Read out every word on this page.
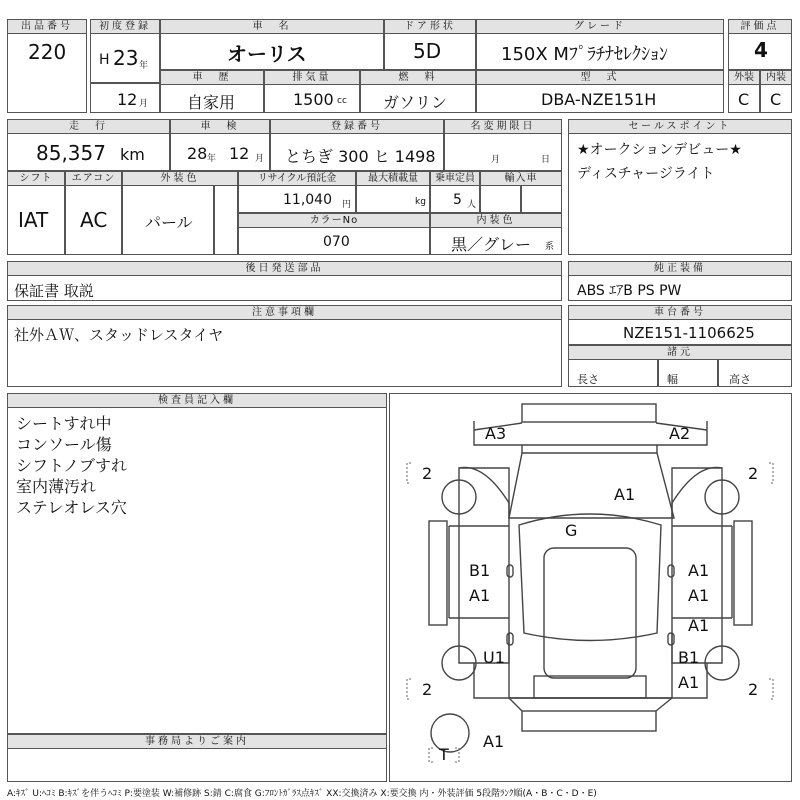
出品番号
220
初度登録
H 23 年
車　名
オーリス
ドア形状
5D
グレード
150X Mﾌﾟﾗﾁﾅｾﾚｸｼｮﾝ
評価点
4
12 月
車　歴
自家用
排気量
1500 cc
燃　料
ガソリン
型　式
DBA-NZE151H
外装	内装
C C
走　行
85,357 km
車　検
28 年 12 月
登録番号
とちぎ 300 ヒ 1498
名変期限日
月	日
セールスポイント
★オークションデビュー★
ディスチャージライト
シフト
IAT
エアコン
AC
外装色
パール
リサイクル預託金
11,040 円
最大積載量
kg
乗車定員
5 人
輸入車
カラーNo
070
内装色
黒／グレー 系
後日発送部品
保証書 取説
純正装備
ABS ｴｱB PS PW
注意事項欄
社外ＡＷ、スタッドレスタイヤ
車台番号
NZE151-1106625
諸元
長さ	幅	高さ
検査員記入欄
シートすれ中
コンソール傷
シフトノブすれ
室内薄汚れ
ステレオレス穴
事務局よりご案内
A3	A2
2	2
A1
G
B1
A1
A1
A1
A1
U1	B1
A1
2	2
A1
T
A:ｷｽﾞ U:ﾍｺﾐ B:ｷｽﾞを伴うﾍｺﾐ P:要塗装 W:補修跡 S:錆 C:腐食 G:ﾌﾛﾝﾄｶﾞﾗｽ点ｷｽﾞ XX:交換済み X:要交換 内・外装評価 5段階ﾗﾝｸ順(A・B・C・D・E)
